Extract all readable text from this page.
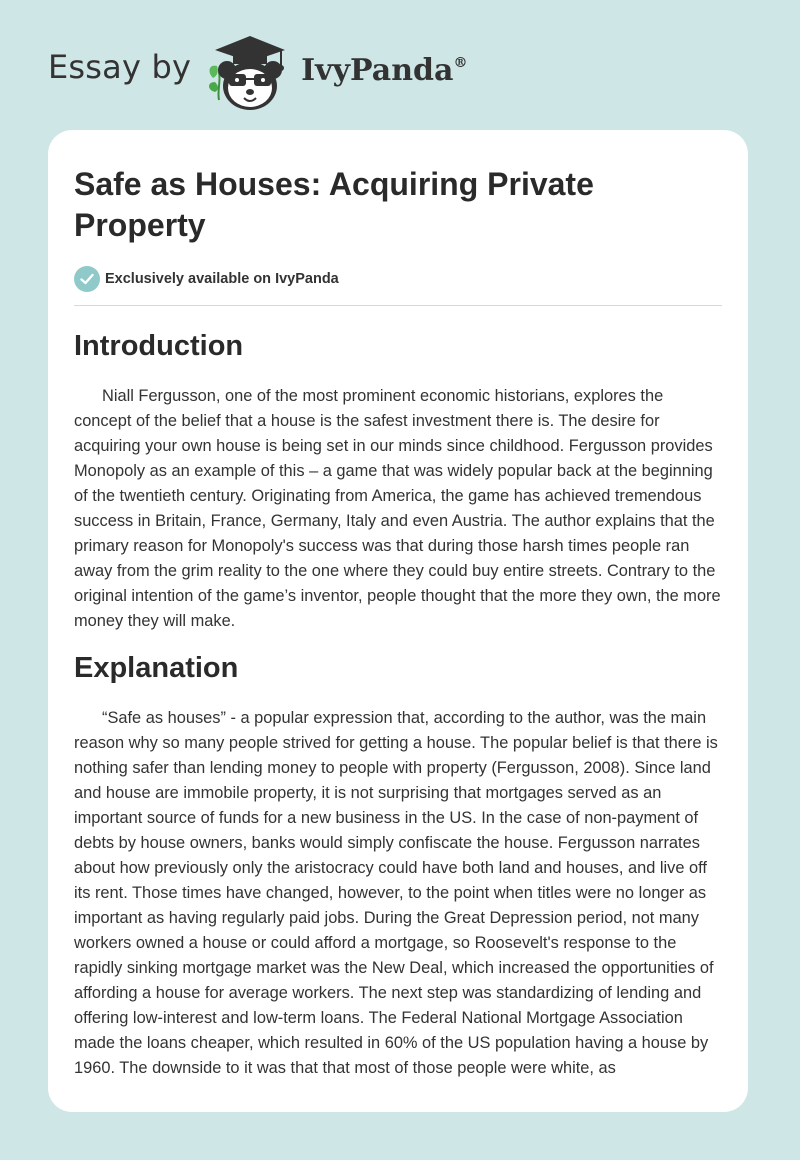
Essay by	IvyPanda®
Safe as Houses: Acquiring Private Property
Exclusively available on IvyPanda
Introduction

Niall Fergusson, one of the most prominent economic historians, explores the concept of the belief that a house is the safest investment there is. The desire for acquiring your own house is being set in our minds since childhood. Fergusson provides Monopoly as an example of this – a game that was widely popular back at the beginning of the twentieth century. Originating from America, the game has achieved tremendous success in Britain, France, Germany, Italy and even Austria. The author explains that the primary reason for Monopoly's success was that during those harsh times people ran away from the grim reality to the one where they could buy entire streets. Contrary to the original intention of the game’s inventor, people thought that the more they own, the more money they will make.

Explanation

“Safe as houses” - a popular expression that, according to the author, was the main reason why so many people strived for getting a house. The popular belief is that there is nothing safer than lending money to people with property (Fergusson, 2008). Since land and house are immobile property, it is not surprising that mortgages served as an important source of funds for a new business in the US. In the case of non-payment of debts by house owners, banks would simply confiscate the house. Fergusson narrates about how previously only the aristocracy could have both land and houses, and live off its rent. Those times have changed, however, to the point when titles were no longer as important as having regularly paid jobs. During the Great Depression period, not many workers owned a house or could afford a mortgage, so Roosevelt's response to the rapidly sinking mortgage market was the New Deal, which increased the opportunities of affording a house for average workers. The next step was standardizing of lending and offering low-interest and low-term loans. The Federal National Mortgage Association made the loans cheaper, which resulted in 60% of the US population having a house by 1960. The downside to it was that that most of those people were white, as
